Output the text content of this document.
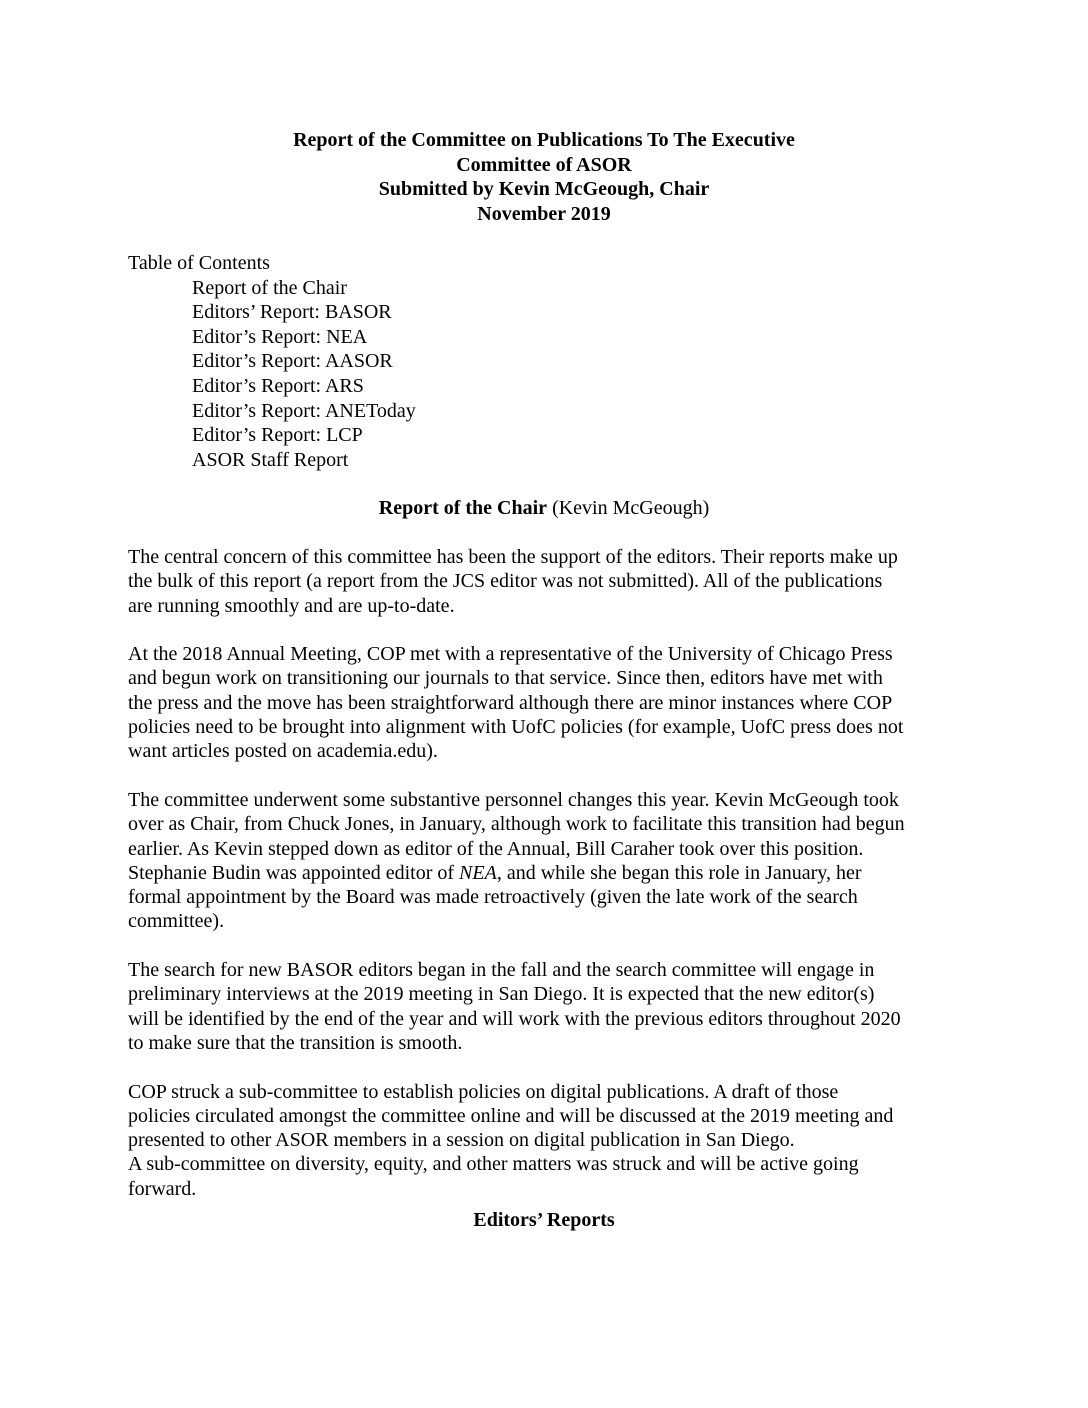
Report of the Committee on Publications To The Executive
Committee of ASOR
Submitted by Kevin McGeough, Chair
November 2019
Table of Contents
Report of the Chair
Editors’ Report: BASOR
Editor’s Report: NEA
Editor’s Report: AASOR
Editor’s Report: ARS
Editor’s Report: ANEToday
Editor’s Report: LCP
ASOR Staff Report
Report of the Chair (Kevin McGeough)
The central concern of this committee has been the support of the editors. Their reports make up
the bulk of this report (a report from the JCS editor was not submitted). All of the publications
are running smoothly and are up-to-date.
At the 2018 Annual Meeting, COP met with a representative of the University of Chicago Press
and begun work on transitioning our journals to that service. Since then, editors have met with
the press and the move has been straightforward although there are minor instances where COP
policies need to be brought into alignment with UofC policies (for example, UofC press does not
want articles posted on academia.edu).
The committee underwent some substantive personnel changes this year. Kevin McGeough took
over as Chair, from Chuck Jones, in January, although work to facilitate this transition had begun
earlier. As Kevin stepped down as editor of the Annual, Bill Caraher took over this position.
Stephanie Budin was appointed editor of NEA, and while she began this role in January, her
formal appointment by the Board was made retroactively (given the late work of the search
committee).
The search for new BASOR editors began in the fall and the search committee will engage in
preliminary interviews at the 2019 meeting in San Diego. It is expected that the new editor(s)
will be identified by the end of the year and will work with the previous editors throughout 2020
to make sure that the transition is smooth.
COP struck a sub-committee to establish policies on digital publications. A draft of those
policies circulated amongst the committee online and will be discussed at the 2019 meeting and
presented to other ASOR members in a session on digital publication in San Diego.
A sub-committee on diversity, equity, and other matters was struck and will be active going
forward.
Editors’ Reports
